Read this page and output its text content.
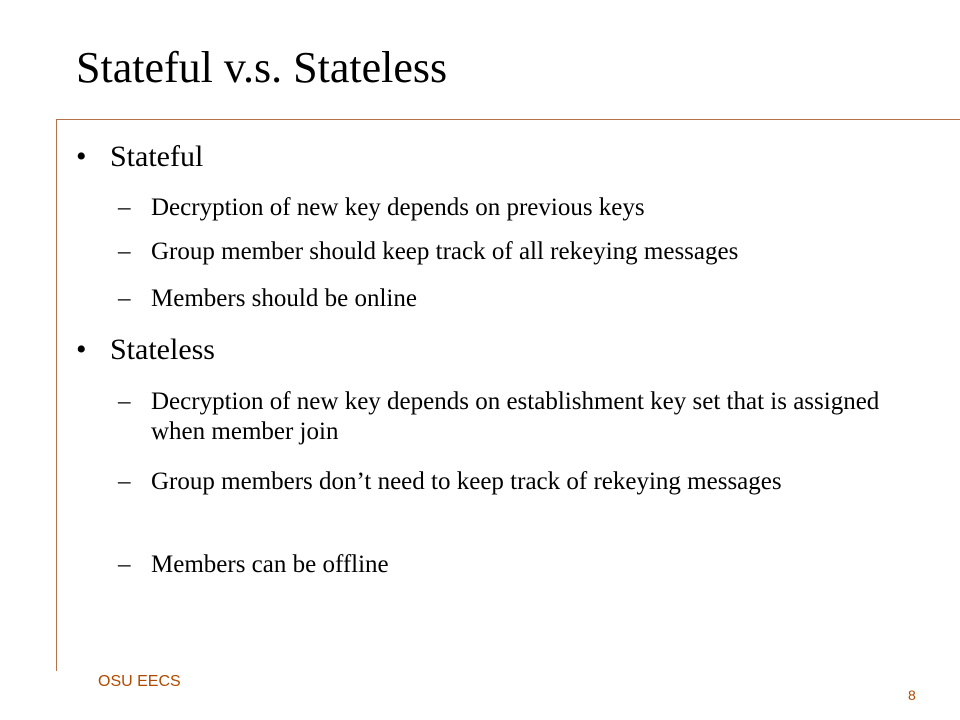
Stateful v.s. Stateless
• Stateful
– Decryption of new key depends on previous keys
– Group member should keep track of all rekeying messages
– Members should be online
• Stateless
– Decryption of new key depends on establishment key set that is assigned when member join
– Group members don’t need to keep track of rekeying messages
– Members can be offline
OSU EECS
8
